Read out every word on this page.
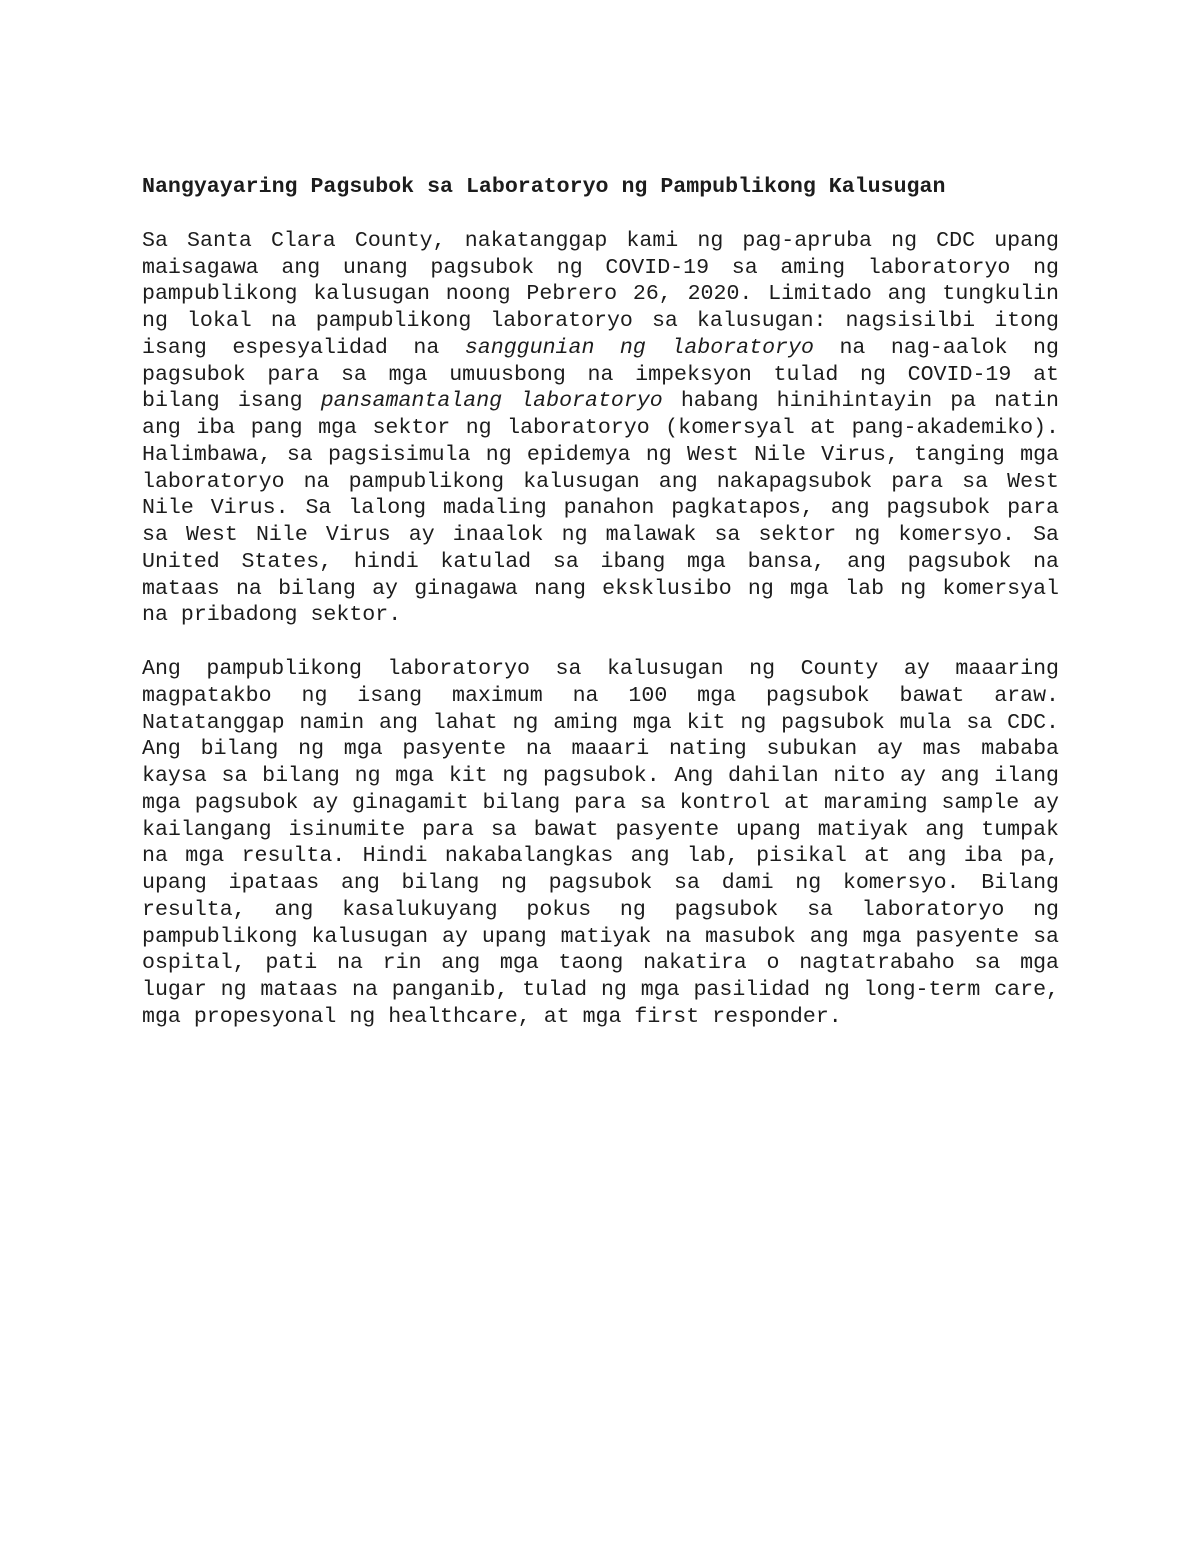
Nangyayaring Pagsubok sa Laboratoryo ng Pampublikong Kalusugan

Sa Santa Clara County, nakatanggap kami ng pag-apruba ng CDC upang maisagawa ang unang pagsubok ng COVID-19 sa aming laboratoryo ng pampublikong kalusugan noong Pebrero 26, 2020. Limitado ang tungkulin ng lokal na pampublikong laboratoryo sa kalusugan: nagsisilbi itong isang espesyalidad na sanggunian ng laboratoryo na nag-aalok ng pagsubok para sa mga umuusbong na impeksyon tulad ng COVID-19 at bilang isang pansamantalang laboratoryo habang hinihintayin pa natin ang iba pang mga sektor ng laboratoryo (komersyal at pang-akademiko). Halimbawa, sa pagsisimula ng epidemya ng West Nile Virus, tanging mga laboratoryo na pampublikong kalusugan ang nakapagsubok para sa West Nile Virus. Sa lalong madaling panahon pagkatapos, ang pagsubok para sa West Nile Virus ay inaalok ng malawak sa sektor ng komersyo. Sa United States, hindi katulad sa ibang mga bansa, ang pagsubok na mataas na bilang ay ginagawa nang eksklusibo ng mga lab ng komersyal na pribadong sektor.

Ang pampublikong laboratoryo sa kalusugan ng County ay maaaring magpatakbo ng isang maximum na 100 mga pagsubok bawat araw. Natatanggap namin ang lahat ng aming mga kit ng pagsubok mula sa CDC. Ang bilang ng mga pasyente na maaari nating subukan ay mas mababa kaysa sa bilang ng mga kit ng pagsubok. Ang dahilan nito ay ang ilang mga pagsubok ay ginagamit bilang para sa kontrol at maraming sample ay kailangang isinumite para sa bawat pasyente upang matiyak ang tumpak na mga resulta. Hindi nakabalangkas ang lab, pisikal at ang iba pa, upang ipataas ang bilang ng pagsubok sa dami ng komersyo. Bilang resulta, ang kasalukuyang pokus ng pagsubok sa laboratoryo ng pampublikong kalusugan ay upang matiyak na masubok ang mga pasyente sa ospital, pati na rin ang mga taong nakatira o nagtatrabaho sa mga lugar ng mataas na panganib, tulad ng mga pasilidad ng long-term care, mga propesyonal ng healthcare, at mga first responder.
